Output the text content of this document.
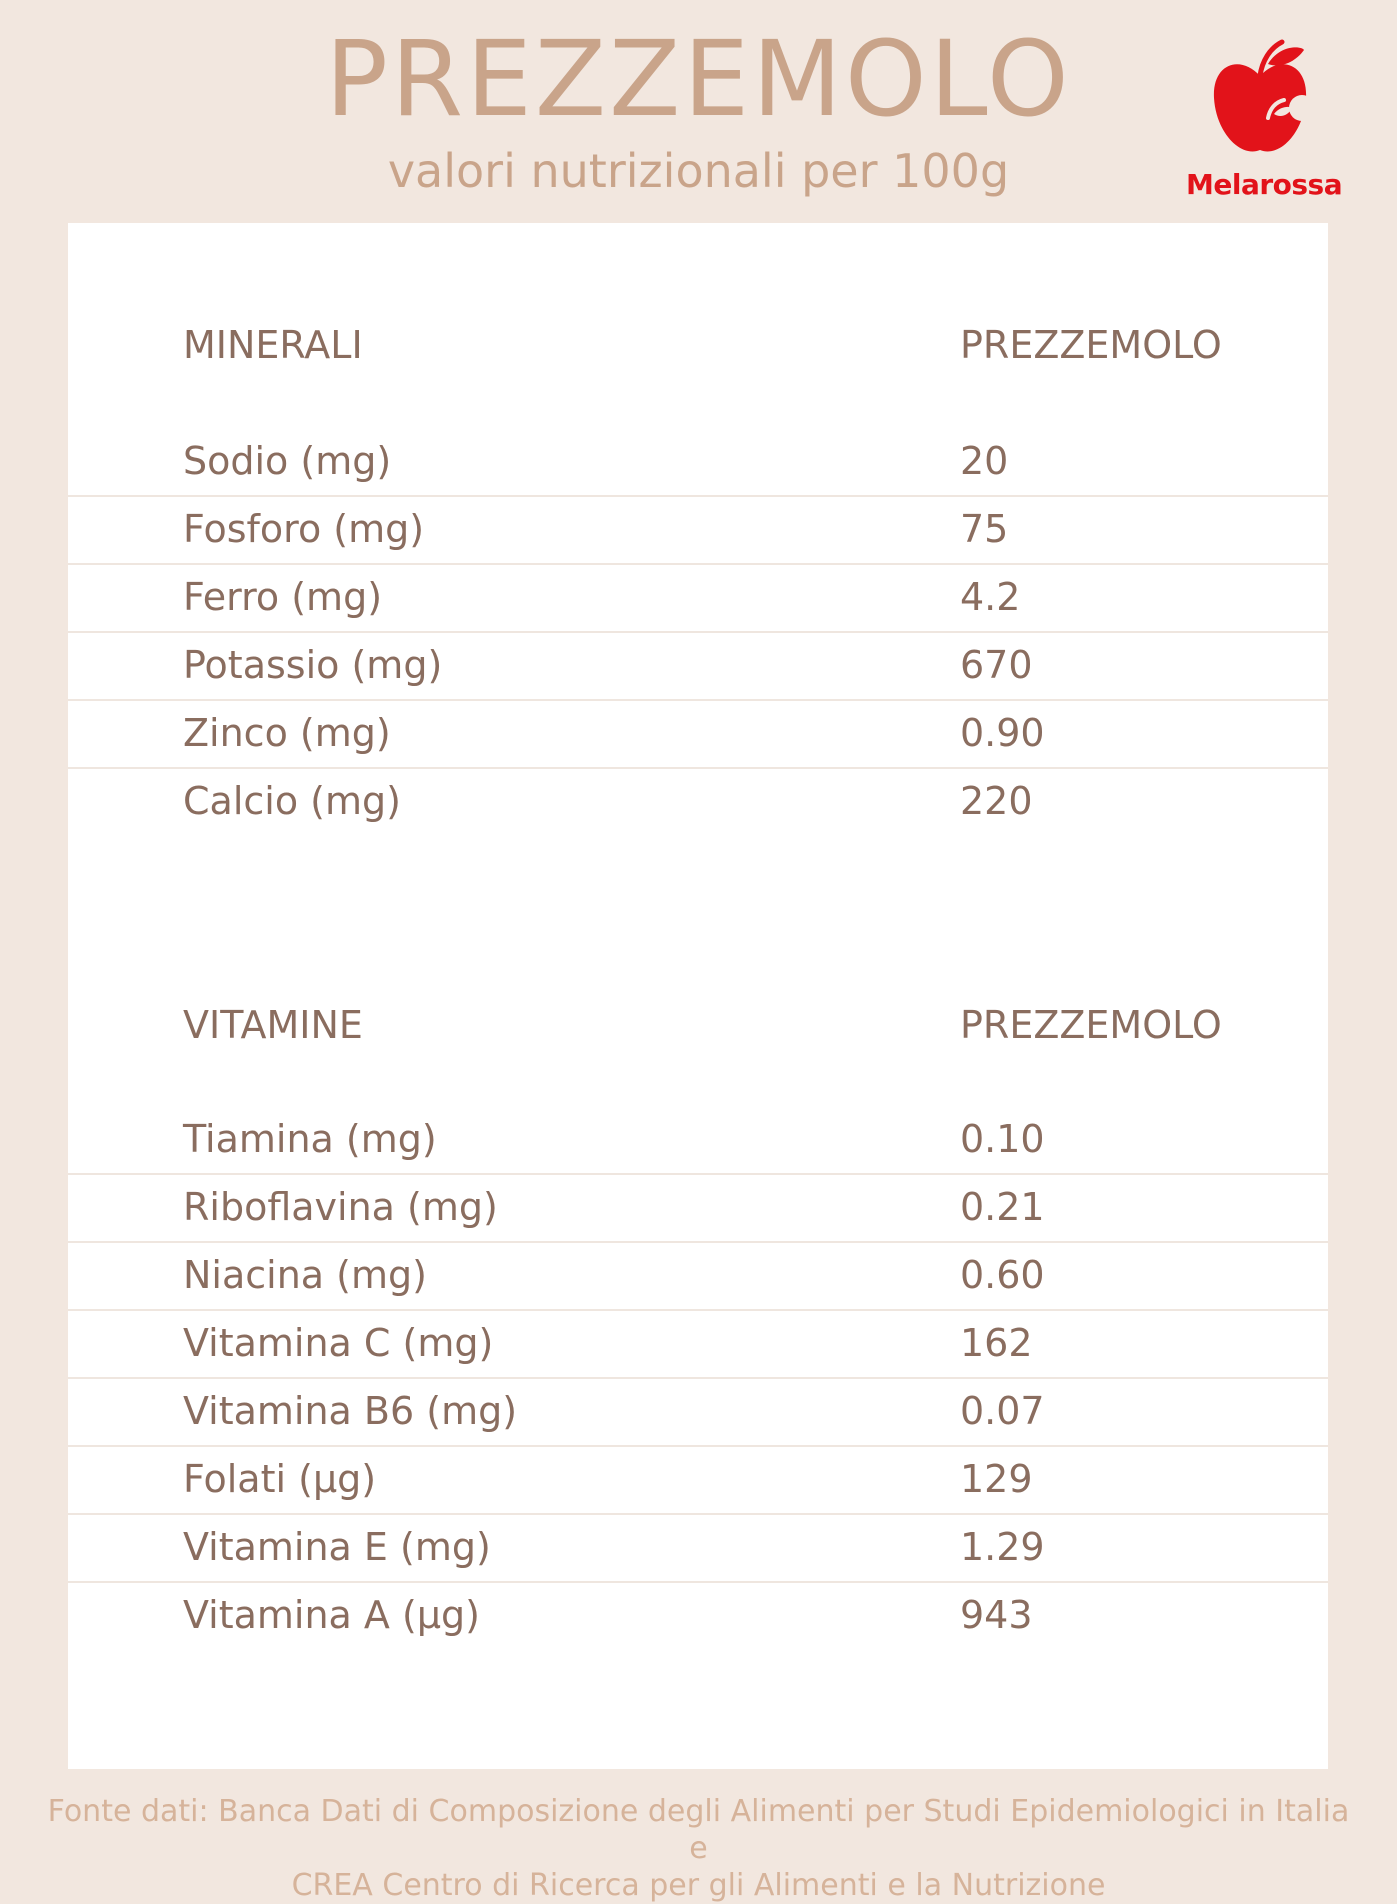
PREZZEMOLO
valori nutrizionali per 100g	Melarossa
MINERALI	PREZZEMOLO
Sodio (mg)	20
Fosforo (mg)	75
Ferro (mg)	4.2
Potassio (mg)	670
Zinco (mg)	0.90
Calcio (mg)	220
VITAMINE	PREZZEMOLO
Tiamina (mg)	0.10
Riboflavina (mg)	0.21
Niacina (mg)	0.60
Vitamina C (mg)	162
Vitamina B6 (mg)	0.07
Folati (µg)	129
Vitamina E (mg)	1.29
Vitamina A (µg)	943
Fonte dati: Banca Dati di Composizione degli Alimenti per Studi Epidemiologici in Italia e
CREA Centro di Ricerca per gli Alimenti e la Nutrizione
